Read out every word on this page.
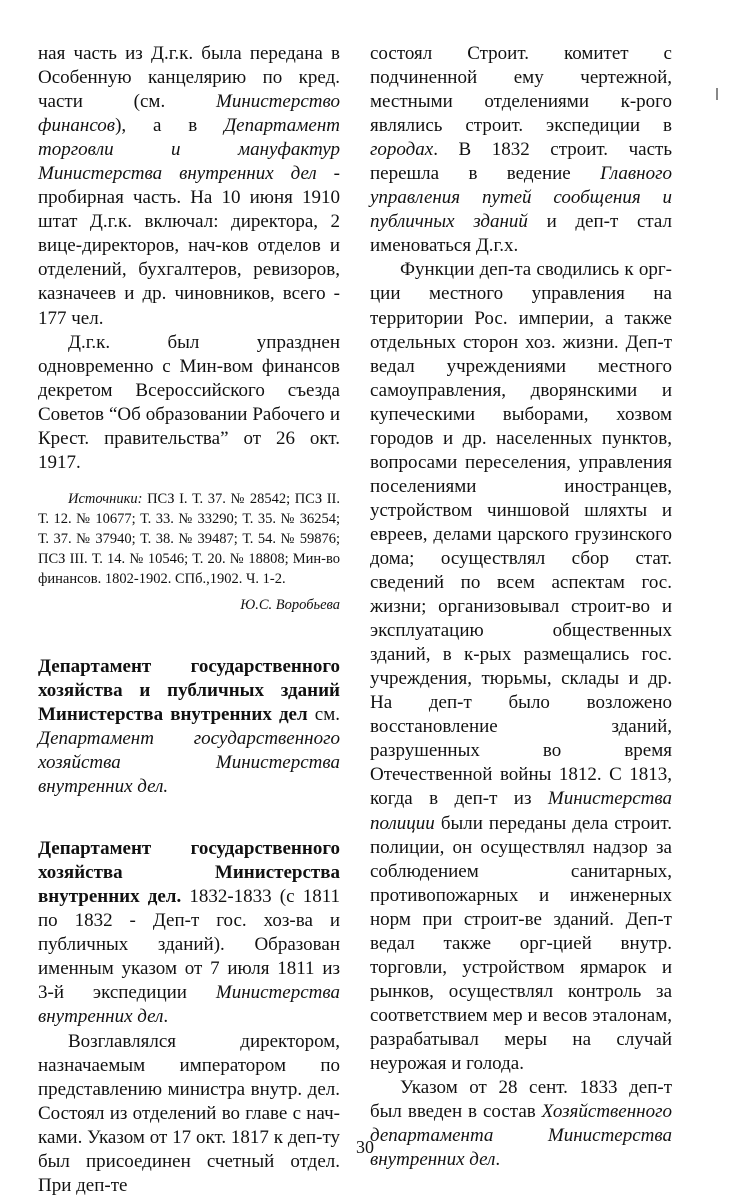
ная часть из Д.г.к. была передана в Особенную канцелярию по кред. части (см. Министерство финансов), а в Департамент торговли и мануфактур Министерства внутренних дел - пробирная часть. На 10 июня 1910 штат Д.г.к. включал: директора, 2 вице-директоров, нач-ков отделов и отделений, бухгалтеров, ревизоров, казначеев и др. чиновников, всего - 177 чел.

Д.г.к. был упразднен одновременно с Мин-вом финансов декретом Всероссийского съезда Советов “Об образовании Рабочего и Крест. правительства” от 26 окт. 1917.

Источники: ПСЗ I. Т. 37. № 28542; ПСЗ II. Т. 12. № 10677; Т. 33. № 33290; Т. 35. № 36254; Т. 37. № 37940; Т. 38. № 39487; Т. 54. № 59876; ПСЗ III. Т. 14. № 10546; Т. 20. № 18808; Мин-во финансов. 1802-1902. СПб.,1902. Ч. 1-2.

Ю.С. Воробьева

Департамент государственного хозяйства и публичных зданий Министерства внутренних дел см. Департамент государственного хозяйства Министерства внутренних дел.

Департамент государственного хозяйства Министерства внутренних дел. 1832-1833 (с 1811 по 1832 - Деп-т гос. хоз-ва и публичных зданий). Образован именным указом от 7 июля 1811 из 3-й экспедиции Министерства внутренних дел.

Возглавлялся директором, назначаемым императором по представлению министра внутр. дел. Состоял из отделений во главе с нач-ками. Указом от 17 окт. 1817 к деп-ту был присоединен счетный отдел. При деп-те

состоял Строит. комитет с подчиненной ему чертежной, местными отделениями к-рого являлись строит. экспедиции в городах. В 1832 строит. часть перешла в ведение Главного управления путей сообщения и публичных зданий и деп-т стал именоваться Д.г.х.

Функции деп-та сводились к орг-ции местного управления на территории Рос. империи, а также отдельных сторон хоз. жизни. Деп-т ведал учреждениями местного самоуправления, дворянскими и купеческими выборами, хозвом городов и др. населенных пунктов, вопросами переселения, управления поселениями иностранцев, устройством чиншовой шляхты и евреев, делами царского грузинского дома; осуществлял сбор стат. сведений по всем аспектам гос. жизни; организовывал строит-во и эксплуатацию общественных зданий, в к-рых размещались гос. учреждения, тюрьмы, склады и др. На деп-т было возложено восстановление зданий, разрушенных во время Отечественной войны 1812. С 1813, когда в деп-т из Министерства полиции были переданы дела строит. полиции, он осуществлял надзор за соблюдением санитарных, противопожарных и инженерных норм при строит-ве зданий. Деп-т ведал также орг-цией внутр. торговли, устройством ярмарок и рынков, осуществлял контроль за соответствием мер и весов эталонам, разрабатывал меры на случай неурожая и голода.

Указом от 28 сент. 1833 деп-т был введен в состав Хозяйственного департамента Министерства внутренних дел.

30
